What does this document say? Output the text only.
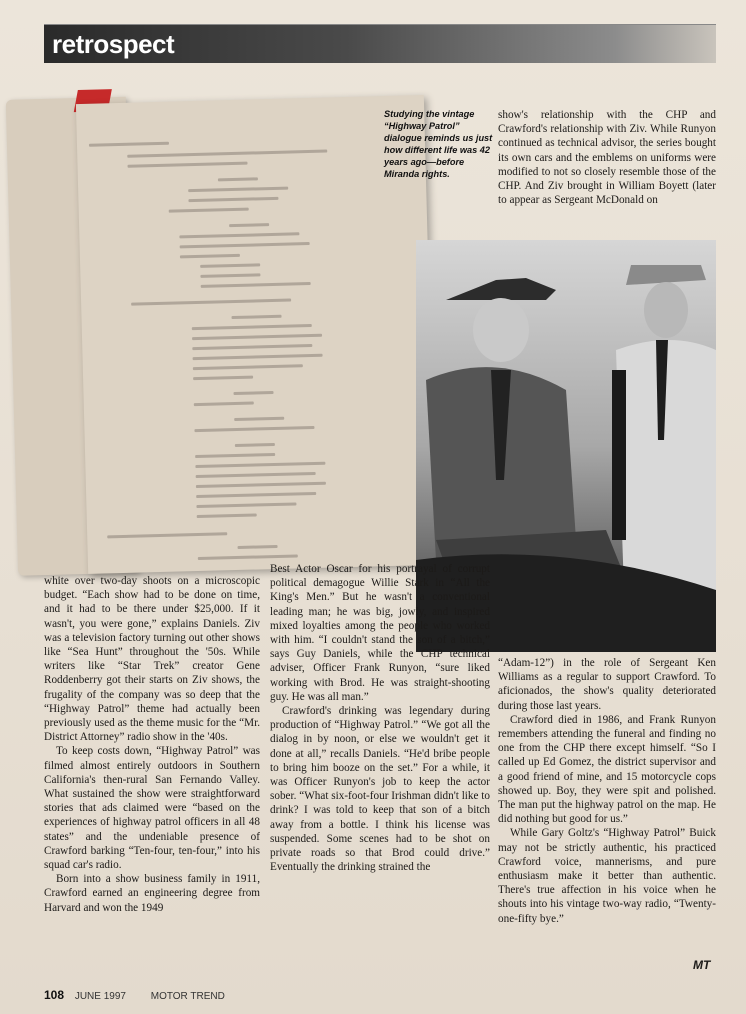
retrospect
Studying the vintage “Highway Patrol” dialogue reminds us just how different life was 42 years ago—before Miranda rights.

show's relationship with the CHP and Crawford's relationship with Ziv. While Runyon continued as technical advisor, the series bought its own cars and the emblems on uniforms were modified to not so closely resemble those of the CHP. And Ziv brought in William Boyett (later to appear as Sergeant McDonald on

white over two-day shoots on a microscopic budget. “Each show had to be done on time, and it had to be there under $25,000. If it wasn't, you were gone,” explains Daniels. Ziv was a television factory turning out other shows like “Sea Hunt” throughout the '50s. While writers like “Star Trek” creator Gene Roddenberry got their starts on Ziv shows, the frugality of the company was so deep that the “Highway Patrol” theme had actually been previously used as the theme music for the “Mr. District Attorney” radio show in the '40s.

To keep costs down, “Highway Patrol” was filmed almost entirely outdoors in Southern California's then-rural San Fernando Valley. What sustained the show were straightforward stories that ads claimed were “based on the experiences of highway patrol officers in all 48 states” and the undeniable presence of Crawford barking “Ten-four, ten-four,” into his squad car's radio.

Born into a show business family in 1911, Crawford earned an engineering degree from Harvard and won the 1949

Best Actor Oscar for his portrayal of corrupt political demagogue Willie Stark in “All the King's Men.” But he wasn't a conventional leading man; he was big, jowly, and inspired mixed loyalties among the people who worked with him. “I couldn't stand the son of a bitch,” says Guy Daniels, while the CHP technical adviser, Officer Frank Runyon, “sure liked working with Brod. He was straight-shooting guy. He was all man.”

Crawford's drinking was legendary during production of “Highway Patrol.” “We got all the dialog in by noon, or else we wouldn't get it done at all,” recalls Daniels. “He'd bribe people to bring him booze on the set.” For a while, it was Officer Runyon's job to keep the actor sober. “What six-foot-four Irishman didn't like to drink? I was told to keep that son of a bitch away from a bottle. I think his license was suspended. Some scenes had to be shot on private roads so that Brod could drive.” Eventually the drinking strained the

“Adam-12”) in the role of Sergeant Ken Williams as a regular to support Crawford. To aficionados, the show's quality deteriorated during those last years.

Crawford died in 1986, and Frank Runyon remembers attending the funeral and finding no one from the CHP there except himself. “So I called up Ed Gomez, the district supervisor and a good friend of mine, and 15 motorcycle cops showed up. Boy, they were spit and polished. The man put the highway patrol on the map. He did nothing but good for us.”

While Gary Goltz's “Highway Patrol” Buick may not be strictly authentic, his practiced Crawford voice, mannerisms, and pure enthusiasm make it better than authentic. There's true affection in his voice when he shouts into his vintage two-way radio, “Twenty-one-fifty bye.”

MT
108 JUNE 1997 MOTOR TREND
